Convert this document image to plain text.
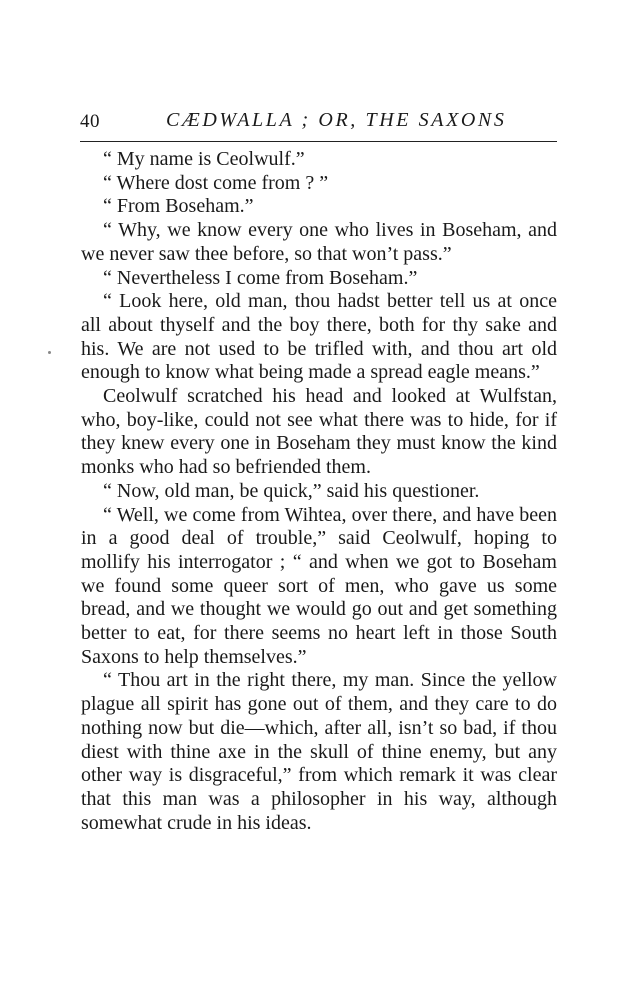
40	CÆDWALLA ; OR, THE SAXONS

“ My name is Ceolwulf.”

“ Where dost come from ? ”

“ From Boseham.”

“ Why, we know every one who lives in Boseham, and we never saw thee before, so that won’t pass.”

“ Nevertheless I come from Boseham.”

“ Look here, old man, thou hadst better tell us at once all about thyself and the boy there, both for thy sake and his. We are not used to be trifled with, and thou art old enough to know what being made a spread eagle means.”

Ceolwulf scratched his head and looked at Wulfstan, who, boy-like, could not see what there was to hide, for if they knew every one in Boseham they must know the kind monks who had so befriended them.

“ Now, old man, be quick,” said his questioner.

“ Well, we come from Wihtea, over there, and have been in a good deal of trouble,” said Ceolwulf, hoping to mollify his interrogator ; “ and when we got to Boseham we found some queer sort of men, who gave us some bread, and we thought we would go out and get something better to eat, for there seems no heart left in those South Saxons to help themselves.”

“ Thou art in the right there, my man. Since the yellow plague all spirit has gone out of them, and they care to do nothing now but die—which, after all, isn’t so bad, if thou diest with thine axe in the skull of thine enemy, but any other way is disgraceful,” from which remark it was clear that this man was a philosopher in his way, although somewhat crude in his ideas.
